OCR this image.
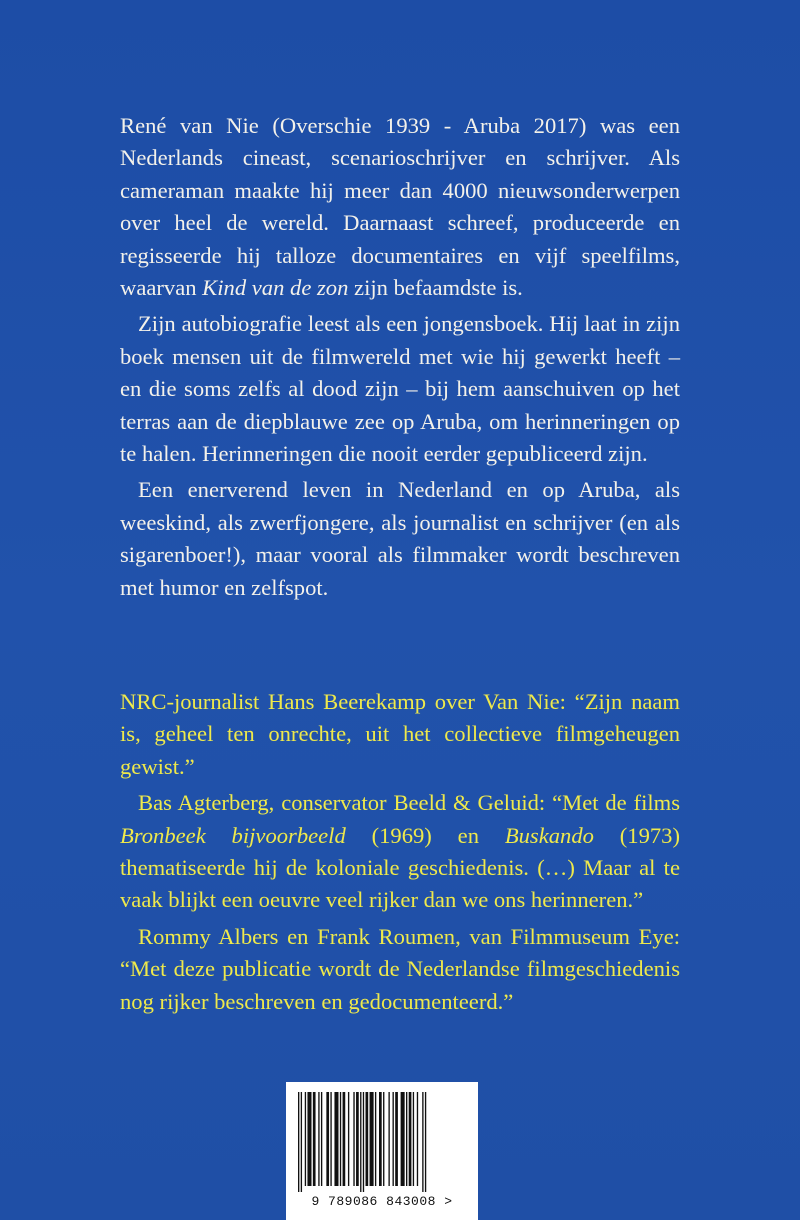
René van Nie (Overschie 1939 - Aruba 2017) was een Nederlands cineast, scenarioschrijver en schrijver. Als cameraman maakte hij meer dan 4000 nieuwsonderwerpen over heel de wereld. Daarnaast schreef, produceerde en regisseerde hij talloze documentaires en vijf speelfilms, waarvan Kind van de zon zijn befaamdste is.

Zijn autobiografie leest als een jongensboek. Hij laat in zijn boek mensen uit de filmwereld met wie hij gewerkt heeft – en die soms zelfs al dood zijn – bij hem aanschuiven op het terras aan de diepblauwe zee op Aruba, om herinneringen op te halen. Herinneringen die nooit eerder gepubliceerd zijn.

Een enerverend leven in Nederland en op Aruba, als weeskind, als zwerfjongere, als journalist en schrijver (en als sigarenboer!), maar vooral als filmmaker wordt beschreven met humor en zelfspot.

NRC-journalist Hans Beerekamp over Van Nie: “Zijn naam is, geheel ten onrechte, uit het collectieve filmgeheugen gewist.”

Bas Agterberg, conservator Beeld & Geluid: “Met de films Bronbeek bijvoorbeeld (1969) en Buskando (1973) thematiseerde hij de koloniale geschiedenis. (…) Maar al te vaak blijkt een oeuvre veel rijker dan we ons herinneren.”

Rommy Albers en Frank Roumen, van Filmmuseum Eye: “Met deze publicatie wordt de Nederlandse filmgeschiedenis nog rijker beschreven en gedocumenteerd.”

9 789086 843008 >
